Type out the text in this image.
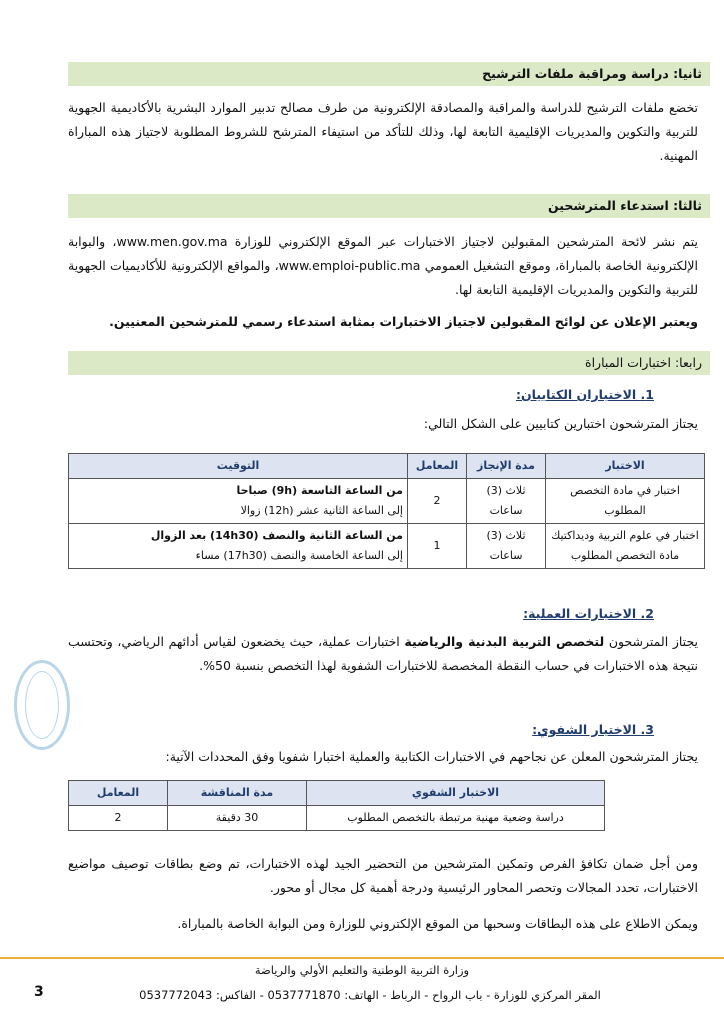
ثانيا: دراسة ومراقبة ملفات الترشيح
تخضع ملفات الترشيح للدراسة والمراقبة والمصادقة الإلكترونية من طرف مصالح تدبير الموارد البشرية بالأكاديمية الجهوية للتربية والتكوين والمديريات الإقليمية التابعة لها، وذلك للتأكد من استيفاء المترشح للشروط المطلوبة لاجتياز هذه المباراة المهنية.
ثالثا: استدعاء المترشحين
يتم نشر لائحة المترشحين المقبولين لاجتياز الاختبارات عبر الموقع الإلكتروني للوزارة www.men.gov.ma، والبوابة الإلكترونية الخاصة بالمباراة، وموقع التشغيل العمومي www.emploi-public.ma، والمواقع الإلكترونية للأكاديميات الجهوية للتربية والتكوين والمديريات الإقليمية التابعة لها.
ويعتبر الإعلان عن لوائح المقبولين لاجتياز الاختبارات بمثابة استدعاء رسمي للمترشحين المعنيين.
رابعا: اختبارات المباراة
1. الاختباران الكتابيان:
يجتاز المترشحون اختبارين كتابيين على الشكل التالي:
الاختبار	مدة الإنجاز	المعامل	التوقيت
اختبار في مادة التخصص المطلوب	ثلاث (3) ساعات	2	من الساعة التاسعة (9h) صباحا
إلى الساعة الثانية عشر (12h) زوالا

اختبار في علوم التربية وديداكتيك مادة التخصص المطلوب	ثلاث (3) ساعات	1	من الساعة الثانية والنصف (14h30) بعد الزوال
إلى الساعة الخامسة والنصف (17h30) مساء
2. الاختبارات العملية:
يجتاز المترشحون لتخصص التربية البدنية والرياضية اختبارات عملية، حيث يخضعون لقياس أدائهم الرياضي، وتحتسب نتيجة هذه الاختبارات في حساب النقطة المخصصة للاختبارات الشفوية لهذا التخصص بنسبة 50%.
3. الاختبار الشفوي:
يجتاز المترشحون المعلن عن نجاحهم في الاختبارات الكتابية والعملية اختبارا شفويا وفق المحددات الآتية:
الاختبار الشفوي	مدة المناقشة	المعامل
دراسة وضعية مهنية مرتبطة بالتخصص المطلوب	30 دقيقة	2
ومن أجل ضمان تكافؤ الفرص وتمكين المترشحين من التحضير الجيد لهذه الاختبارات، تم وضع بطاقات توصيف مواضيع الاختبارات، تحدد المجالات وتحصر المحاور الرئيسية ودرجة أهمية كل مجال أو محور.
ويمكن الاطلاع على هذه البطاقات وسحبها من الموقع الإلكتروني للوزارة ومن البوابة الخاصة بالمباراة.
وزارة التربية الوطنية والتعليم الأولي والرياضة
المقر المركزي للوزارة - باب الرواح - الرباط - الهاتف: 0537771870 - الفاكس: 0537772043
3
